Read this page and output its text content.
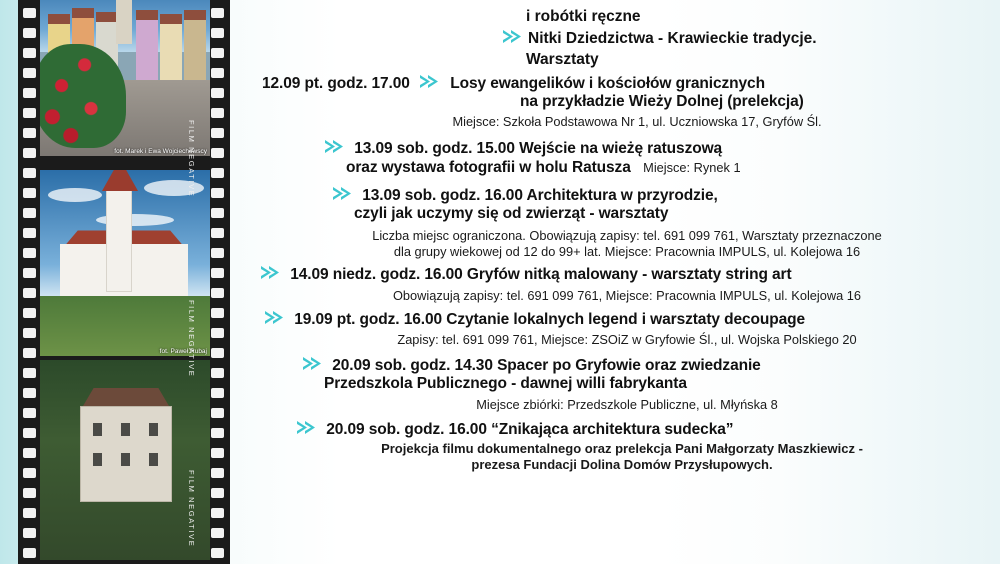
fot. Marek i Ewa Wojciechowscy
fot. Paweł Rubaj
FILM NEGATIVE
FILM NEGATIVE
FILM NEGATIVE
i robótki ręczne
Nitki Dziedzictwa - Krawieckie tradycje.
Warsztaty
12.09 pt. godz. 17.00	Losy ewangelików i kościołów granicznych
na przykładzie Wieży Dolnej (prelekcja)
Miejsce: Szkoła Podstawowa Nr 1, ul. Uczniowska 17, Gryfów Śl.
13.09 sob. godz. 15.00 Wejście na wieżę ratuszową
oraz wystawa fotografii w holu Ratusza Miejsce: Rynek 1
13.09 sob. godz. 16.00 Architektura w przyrodzie,
czyli jak uczymy się od zwierząt - warsztaty
Liczba miejsc ograniczona. Obowiązują zapisy: tel. 691 099 761, Warsztaty przeznaczone
dla grupy wiekowej od 12 do 99+ lat. Miejsce: Pracownia IMPULS, ul. Kolejowa 16
14.09 niedz. godz. 16.00 Gryfów nitką malowany - warsztaty string art
Obowiązują zapisy: tel. 691 099 761, Miejsce: Pracownia IMPULS, ul. Kolejowa 16
19.09 pt. godz. 16.00 Czytanie lokalnych legend i warsztaty decoupage
Zapisy: tel. 691 099 761, Miejsce: ZSOiZ w Gryfowie Śl., ul. Wojska Polskiego 20
20.09 sob. godz. 14.30 Spacer po Gryfowie oraz zwiedzanie
Przedszkola Publicznego - dawnej willi fabrykanta
Miejsce zbiórki: Przedszkole Publiczne, ul. Młyńska 8
20.09 sob. godz. 16.00 “Znikająca architektura sudecka”
Projekcja filmu dokumentalnego oraz prelekcja Pani Małgorzaty Maszkiewicz -
prezesa Fundacji Dolina Domów Przysłupowych.
